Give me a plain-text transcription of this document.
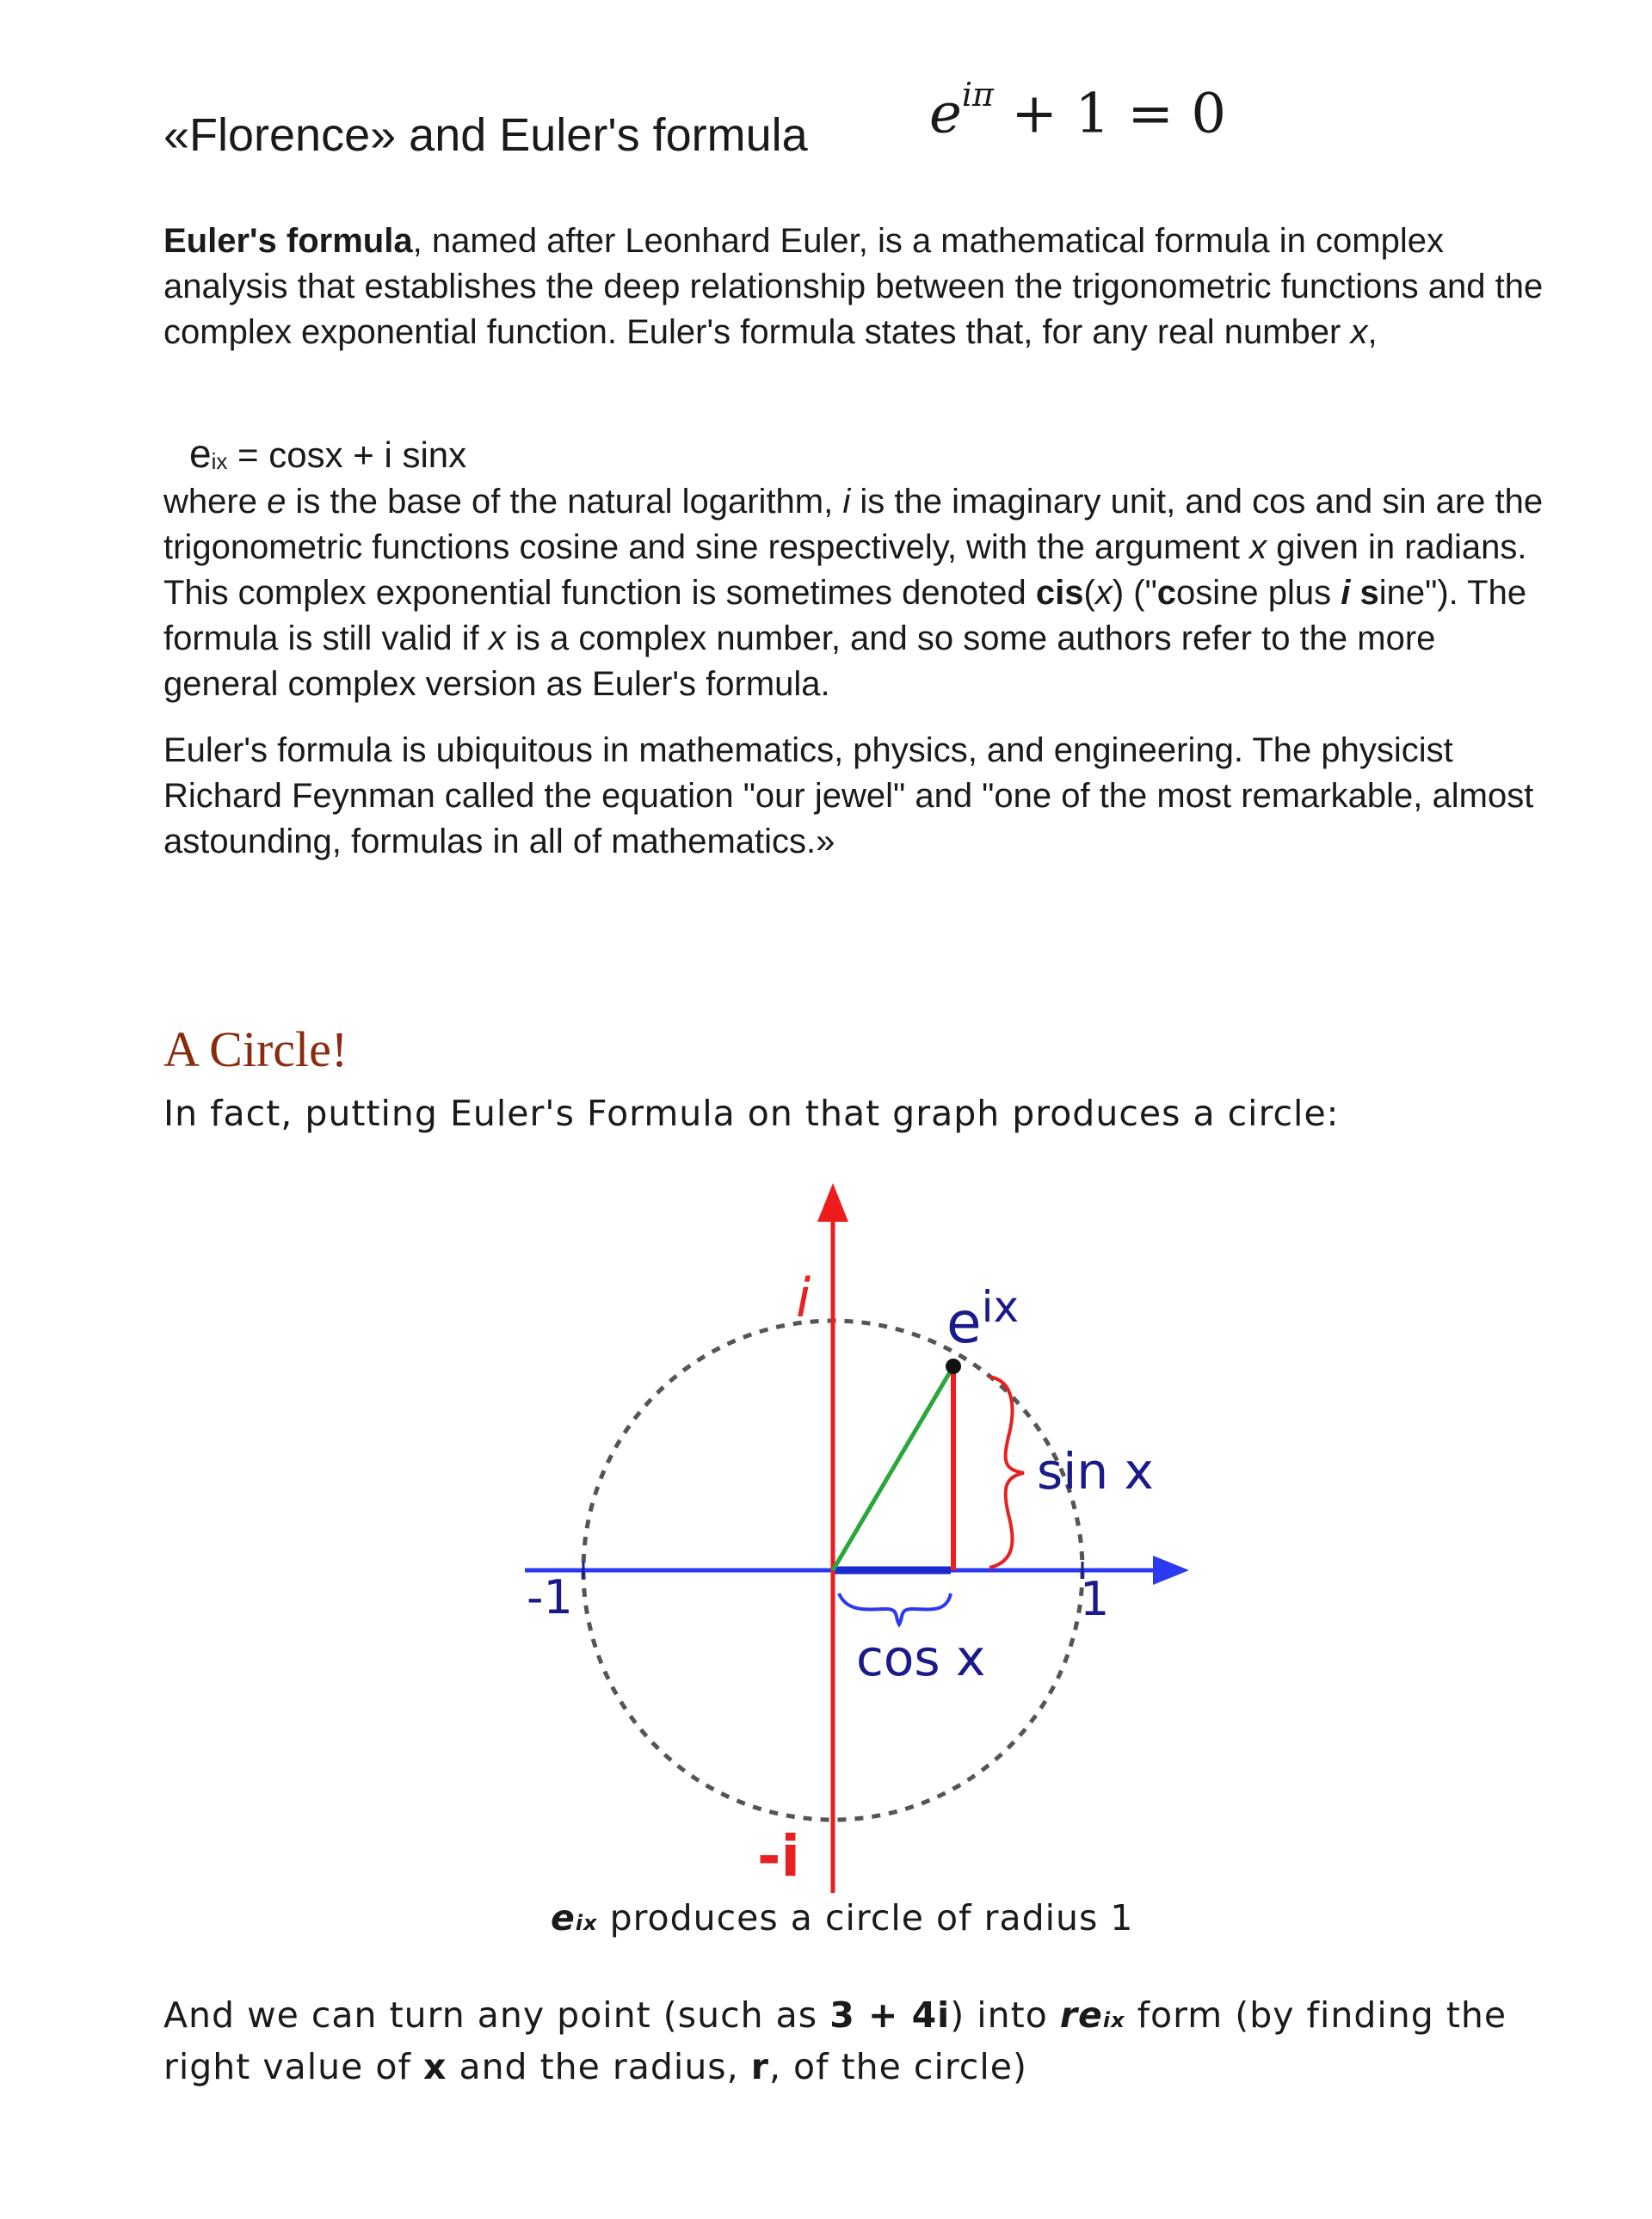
«Florence» and Euler's formula $e^{i\pi} + 1 = 0$
Euler's formula, named after Leonhard Euler, is a mathematical formula in complex analysis that establishes the deep relationship between the trigonometric functions and the complex exponential function. Euler's formula states that, for any real number x,
$e_{ix} = \cos x + i$ sinx
where e is the base of the natural logarithm, i is the imaginary unit, and cos and sin are the trigonometric functions cosine and sine respectively, with the argument x given in radians. This complex exponential function is sometimes denoted cis(x) ("cosine plus i sine"). The formula is still valid if x is a complex number, and so some authors refer to the more general complex version as Euler's formula.
Euler's formula is ubiquitous in mathematics, physics, and engineering. The physicist Richard Feynman called the equation "our jewel" and "one of the most remarkable, almost astounding, formulas in all of mathematics.»
A Circle!
In fact, putting Euler's Formula on that graph produces a circle:
eix produces a circle of radius 1
And we can turn any point (such as 3 + 4i) into reix form (by finding the right value of x and the radius, r, of the circle)
i
-i
$e^{ix}$
sin x
cos x
-1	1
